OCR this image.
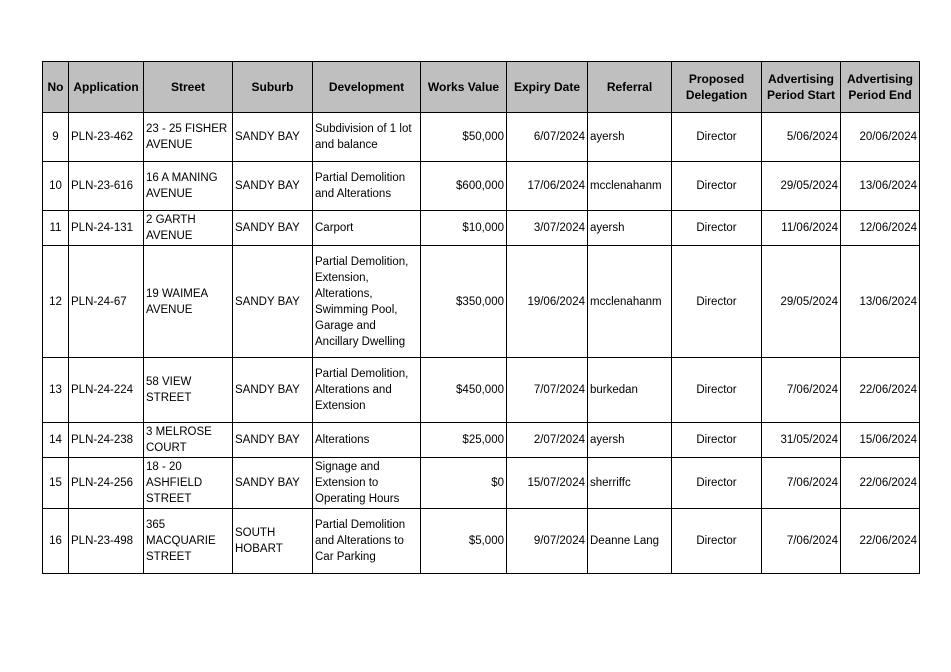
No	Application	Street	Suburb	Development	Works Value	Expiry Date	Referral	Proposed Delegation	Advertising Period Start	Advertising Period End
9	PLN-23-462	23 - 25 FISHER AVENUE	SANDY BAY	Subdivision of 1 lot and balance	$50,000	6/07/2024	ayersh	Director	5/06/2024	20/06/2024
10	PLN-23-616	16 A MANING AVENUE	SANDY BAY	Partial Demolition and Alterations	$600,000	17/06/2024	mcclenahanm	Director	29/05/2024	13/06/2024
11	PLN-24-131	2 GARTH AVENUE	SANDY BAY	Carport	$10,000	3/07/2024	ayersh	Director	11/06/2024	12/06/2024
12	PLN-24-67	19 WAIMEA AVENUE	SANDY BAY	Partial Demolition, Extension, Alterations, Swimming Pool, Garage and Ancillary Dwelling	$350,000	19/06/2024	mcclenahanm	Director	29/05/2024	13/06/2024
13	PLN-24-224	58 VIEW STREET	SANDY BAY	Partial Demolition, Alterations and Extension	$450,000	7/07/2024	burkedan	Director	7/06/2024	22/06/2024
14	PLN-24-238	3 MELROSE COURT	SANDY BAY	Alterations	$25,000	2/07/2024	ayersh	Director	31/05/2024	15/06/2024
15	PLN-24-256	18 - 20 ASHFIELD STREET	SANDY BAY	Signage and Extension to Operating Hours	$0	15/07/2024	sherriffc	Director	7/06/2024	22/06/2024
16	PLN-23-498	365 MACQUARIE STREET	SOUTH HOBART	Partial Demolition and Alterations to Car Parking	$5,000	9/07/2024	Deanne Lang	Director	7/06/2024	22/06/2024
